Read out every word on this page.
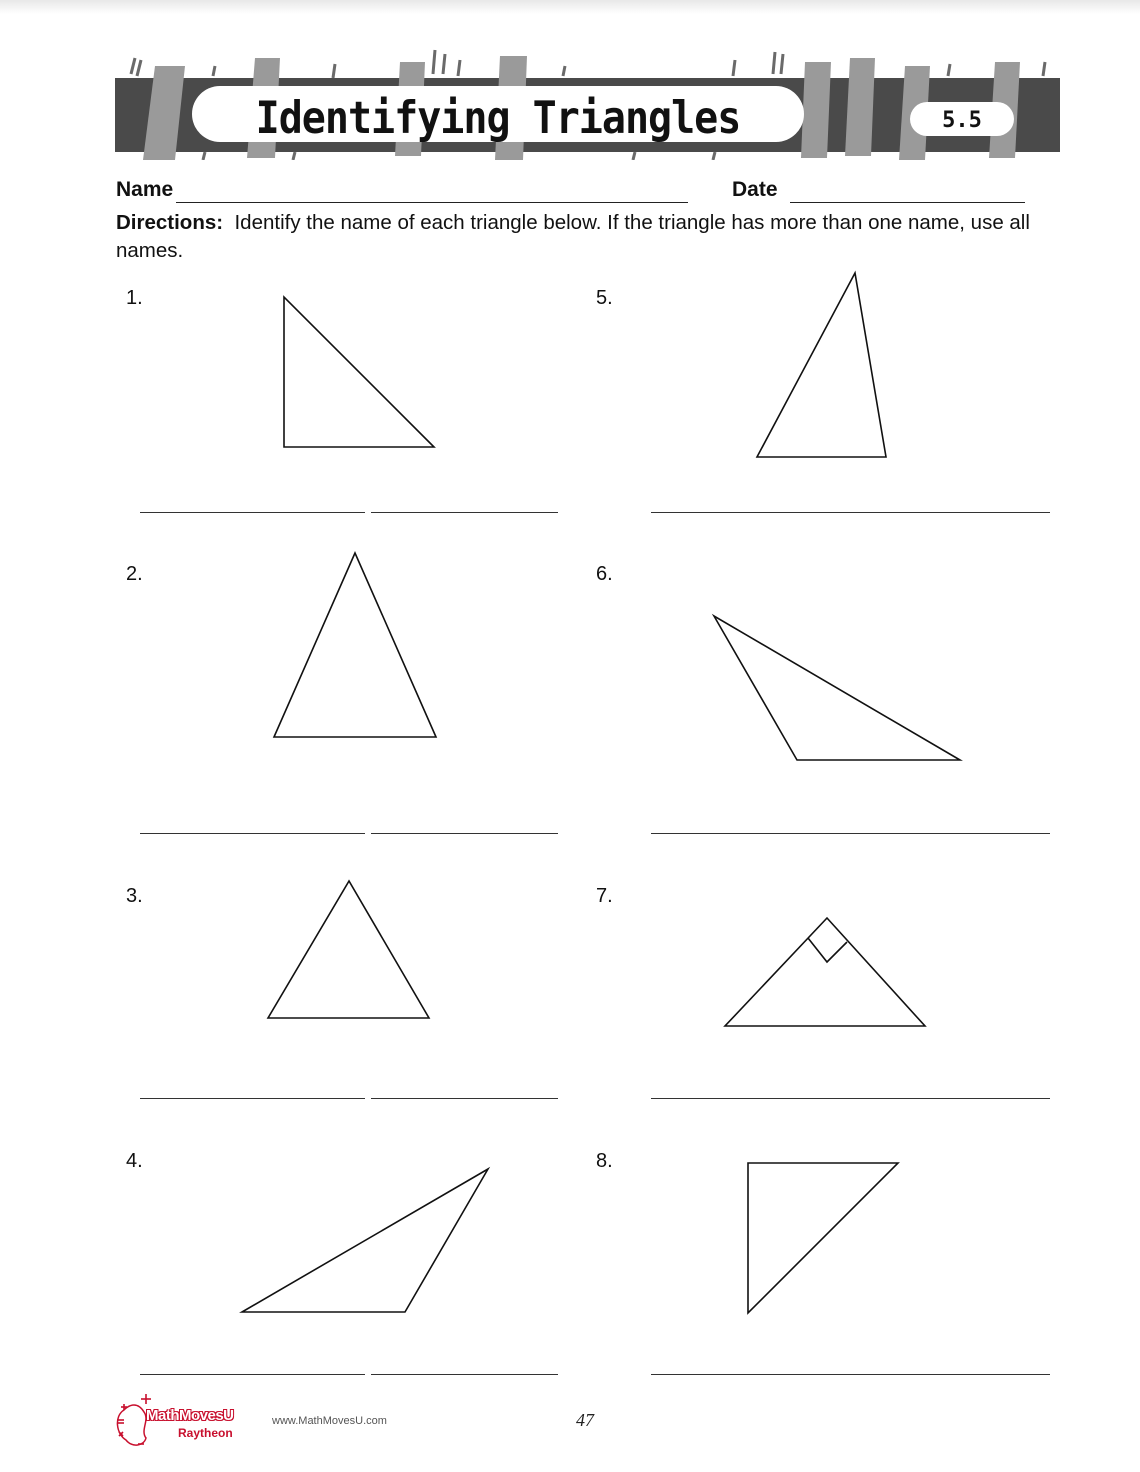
Identifying Triangles	5.5
Name	Date
Directions: Identify the name of each triangle below. If the triangle has more than one name, use all names.
1.
2.
3.
4.
5.
6.
7.
8.
MathMovesU
Raytheon
www.MathMovesU.com	47
